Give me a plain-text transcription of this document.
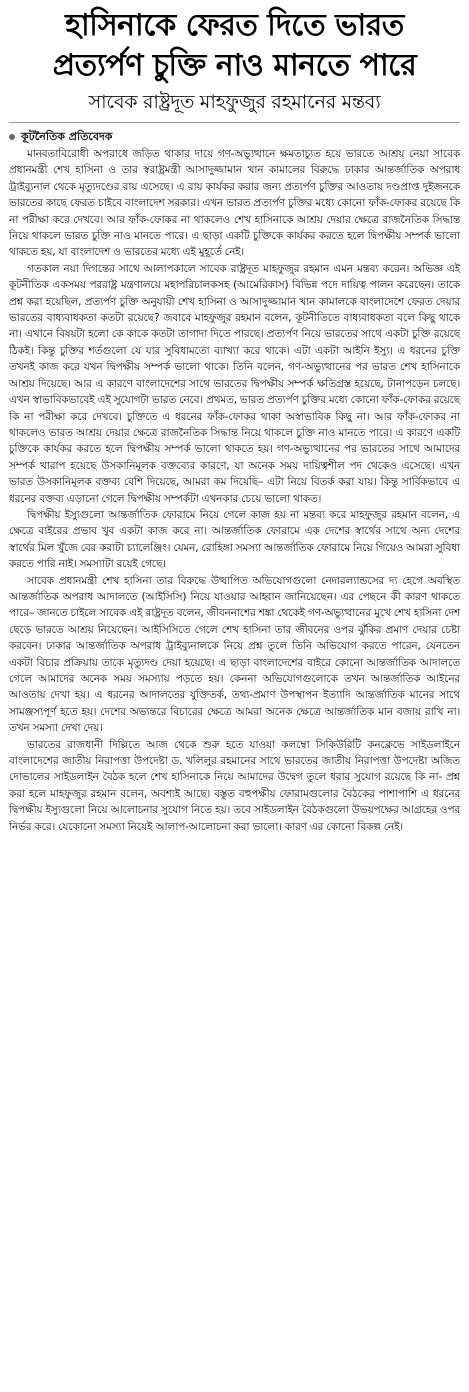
হাসিনাকে ফেরত দিতে ভারত
প্রত্যর্পণ চুক্তি নাও মানতে পারে
সাবেক রাষ্ট্রদূত মাহফুজুর রহমানের মন্তব্য
কূটনৈতিক প্রতিবেদক

মানবতাবিরোধী অপরাধে জড়িত থাকার দায়ে গণ-অভ্যুত্থানে ক্ষমতাচ্যুত হয়ে ভারতে আশ্রয় নেয়া সাবেক প্রধানমন্ত্রী শেখ হাসিনা ও তার স্বরাষ্ট্রমন্ত্রী আসাদুজ্জামান খান কামালের বিরুদ্ধে ঢাকার আন্তর্জাতিক অপরাধ ট্রাইব্যুনাল থেকে মৃত্যুদণ্ডের রায় এসেছে। এ রায় কার্যকর করার জন্য প্রত্যর্পণ চুক্তির আওতায় দণ্ডপ্রাপ্ত দুইজনকে ভারতের কাছে ফেরত চাইবে বাংলাদেশ সরকার। এখন ভারত প্রত্যর্পণ চুক্তির মধ্যে কোনো ফাঁক-ফোকর রয়েছে কি না পরীক্ষা করে দেখবে। আর ফাঁক-ফোকর না থাকলেও শেখ হাসিনাকে আশ্রয় দেয়ার ক্ষেত্রে রাজনৈতিক সিদ্ধান্ত নিয়ে থাকলে ভারত চুক্তি নাও মানতে পারে। এ ছাড়া একটি চুক্তিকে কার্যকর করতে হলে দ্বিপক্ষীয় সম্পর্ক ভালো থাকতে হয়, যা বাংলাদেশ ও ভারতের মধ্যে এই মুহূর্তে নেই।

গতকাল নয়া দিগন্তের সাথে আলাপকালে সাবেক রাষ্ট্রদূত মাহফুজুর রহমান এমন মন্তব্য করেন। অভিজ্ঞ এই কূটনীতিক একসময় পররাষ্ট্র মন্ত্রণালয়ে মহাপরিচালকসহ (আমেরিকাস) বিভিন্ন পদে দায়িত্ব পালন করেছেন। তাকে প্রশ্ন করা হয়েছিল, প্রত্যর্পণ চুক্তি অনুযায়ী শেখ হাসিনা ও আসাদুজ্জামান খান কামালকে বাংলাদেশে ফেরত দেয়ার ভারতের বাধ্যবাধকতা কতটা রয়েছে? জবাবে মাহফুজুর রহমান বলেন, কূটনীতিতে বাধ্যবাধকতা বলে কিছু থাকে না। এখানে বিষয়টা হলো কে কাকে কতটা তাগাদা দিতে পারছে। প্রত্যর্পণ নিয়ে ভারতের সাথে একটা চুক্তি রয়েছে ঠিকই। কিন্তু চুক্তির শর্তগুলো যে যার সুবিধামতো ব্যাখ্যা করে থাকে। এটা একটা আইনি ইস্যু। এ ধরনের চুক্তি তখনই কাজ করে যখন দ্বিপক্ষীয় সম্পর্ক ভালো থাকে। তিনি বলেন, গণ-অভ্যুত্থানের পর ভারত শেখ হাসিনাকে আশ্রয় দিয়েছে। আর এ কারণে বাংলাদেশের সাথে ভারতের দ্বিপক্ষীয় সম্পর্ক ক্ষতিগ্রস্ত হয়েছে, টানাপড়েন চলছে। এখন স্বাভাবিকভাবেই এই সুযোগটা ভারত নেবে। প্রথমত, ভারত প্রত্যর্পণ চুক্তির মধ্যে কোনো ফাঁক-ফোকর রয়েছে কি না পরীক্ষা করে দেখবে। চুক্তিতে এ ধরনের ফাঁক-ফোকর থাকা অস্বাভাবিক কিছু না। আর ফাঁক-ফোকর না থাকলেও ভারত আশ্রয় দেয়ার ক্ষেত্রে রাজনৈতিক সিদ্ধান্ত নিয়ে থাকলে চুক্তি নাও মানতে পারে। এ কারণে একটি চুক্তিকে কার্যকর করতে হলে দ্বিপক্ষীয় সম্পর্ক ভালো থাকতে হয়। গণ-অভ্যুত্থানের পর ভারতের সাথে আমাদের সম্পর্ক খারাপ হয়েছে উসকানিমূলক বক্তব্যের কারণে, যা অনেক সময় দায়িত্বশীল পদ থেকেও এসেছে। এখন ভারত উসকানিমূলক বক্তব্য বেশি দিয়েছে, আমরা কম দিয়েছি– এটা নিয়ে বিতর্ক করা যায়। কিন্তু সার্বিকভাবে এ ধরনের বক্তব্য এড়ানো গেলে দ্বিপক্ষীয় সম্পর্কটা এখনকার চেয়ে ভালো থাকত।

দ্বিপক্ষীয় ইস্যুগুলো আন্তর্জাতিক ফোরামে নিয়ে গেলে কাজ হয় না মন্তব্য করে মাহফুজুর রহমান বলেন, এ ক্ষেত্রে বাইরের প্রভাব খুব একটা কাজ করে না। আন্তর্জাতিক ফোরামে এক দেশের স্বার্থের সাথে অন্য দেশের স্বার্থের মিল খুঁজে বের করাটা চ্যালেঞ্জিং। যেমন, রোহিঙ্গা সমস্যা আন্তর্জাতিক ফোরামে নিয়ে গিয়েও আমরা সুবিধা করতে পারি নাই। সমস্যাটা রয়েই গেছে।

সাবেক প্রধানমন্ত্রী শেখ হাসিনা তার বিরুদ্ধে উত্থাপিত অভিযোগগুলো নেদারল্যান্ডসের দ্য হেগে অবস্থিত আন্তর্জাতিক অপরাধ আদালতে (আইসিসি) নিয়ে যাওয়ার আহ্বান জানিয়েছেন। এর পেছনে কী কারণ থাকতে পারে– জানতে চাইলে সাবেক এই রাষ্ট্রদূত বলেন, জীবননাশের শঙ্কা থেকেই গণ-অভ্যুত্থানের মুখে শেখ হাসিনা দেশ ছেড়ে ভারতে আশ্রয় নিয়েছেন। আইসিসিতে গেলে শেখ হাসিনা তার জীবনের ওপর ঝুঁকির প্রমাণ দেয়ার চেষ্টা করবেন। ঢাকার আন্তর্জাতিক অপরাধ ট্রাইব্যুনালকে নিয়ে প্রশ্ন তুলে তিনি অভিযোগ করতে পারেন, যেনতেন একটা বিচার প্রক্রিয়ায় তাকে মৃত্যুদণ্ড দেয়া হয়েছে। এ ছাড়া বাংলাদেশের বাইরে কোনো আন্তর্জাতিক আদালতে গেলে আমাদের অনেক সময় সমস্যায় পড়তে হয়। কেননা অভিযোগগুলোকে তখন আন্তর্জাতিক আইনের আওতায় দেখা হয়। এ ধরনের আদালতের যুক্তিতর্ক, তথ্য-প্রমাণ উপস্থাপন ইত্যাদি আন্তর্জাতিক মানের সাথে সামঞ্জস্যপূর্ণ হতে হয়। দেশের অভ্যন্তরে বিচারের ক্ষেত্রে আমরা অনেক ক্ষেত্রে আন্তর্জাতিক মান বজায় রাখি না। তখন সমস্যা দেখা দেয়।

ভারতের রাজধানী দিল্লিতে আজ থেকে শুরু হতে যাওয়া কলম্বো সিকিউরিটি কনক্লেভে সাইডলাইনে বাংলাদেশের জাতীয় নিরাপত্তা উপদেষ্টা ড. খলিলুর রহমানের সাথে ভারতের জাতীয় নিরাপত্তা উপদেষ্টা অজিত দোভালের সাইডলাইন বৈঠক হলে শেখ হাসিনাকে নিয়ে আমাদের উদ্বেগ তুলে ধরার সুযোগ রয়েছে কি না- প্রশ্ন করা হলে মাহফুজুর রহমান বলেন, অবশ্যই আছে। বস্তুত বহুপক্ষীয় ফোরামগুলোর বৈঠকের পাশাপাশি এ ধরনের দ্বিপক্ষীয় ইস্যুগুলো নিয়ে আলোচনার সুযোগ নিতে হয়। তবে সাইডলাইন বৈঠকগুলো উভয়পক্ষের আগ্রহের ওপর নির্ভর করে। যেকোনো সমস্যা নিয়েই আলাপ-আলোচনা করা ভালো। কারণ এর কোনো বিকল্প নেই।
